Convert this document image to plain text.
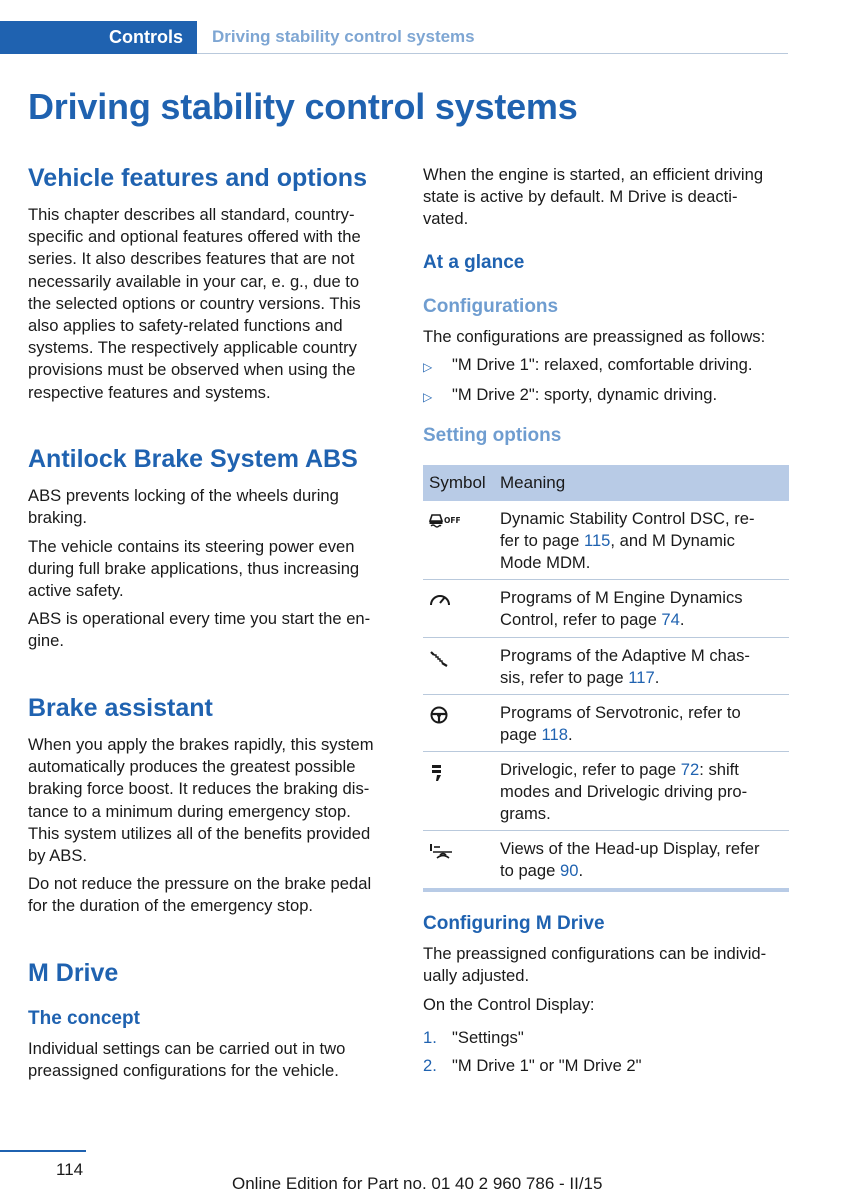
Controls Driving stability control systems
Driving stability control systems
Vehicle features and options
This chapter describes all standard, country-
specific and optional features offered with the
series. It also describes features that are not
necessarily available in your car, e. g., due to
the selected options or country versions. This
also applies to safety-related functions and
systems. The respectively applicable country
provisions must be observed when using the
respective features and systems.
Antilock Brake System ABS
ABS prevents locking of the wheels during
braking.
The vehicle contains its steering power even
during full brake applications, thus increasing
active safety.
ABS is operational every time you start the en-
gine.
Brake assistant
When you apply the brakes rapidly, this system
automatically produces the greatest possible
braking force boost. It reduces the braking dis-
tance to a minimum during emergency stop.
This system utilizes all of the benefits provided
by ABS.
Do not reduce the pressure on the brake pedal
for the duration of the emergency stop.
M Drive
The concept
Individual settings can be carried out in two
preassigned configurations for the vehicle.
When the engine is started, an efficient driving
state is active by default. M Drive is deacti-
vated.
At a glance
Configurations
The configurations are preassigned as follows:
▷	"M Drive 1": relaxed, comfortable driving.
▷	"M Drive 2": sporty, dynamic driving.
Setting options
Symbol Meaning
OFF Dynamic Stability Control DSC, re-
fer to page 115, and M Dynamic
Mode MDM.
Programs of M Engine Dynamics
Control, refer to page 74.
Programs of the Adaptive M chas-
sis, refer to page 117.
Programs of Servotronic, refer to
page 118.
Drivelogic, refer to page 72: shift
modes and Drivelogic driving pro-
grams.
Views of the Head-up Display, refer
to page 90.
Configuring M Drive
The preassigned configurations can be individ-
ually adjusted.
On the Control Display:
1. "Settings"
2. "M Drive 1" or "M Drive 2"
114
Online Edition for Part no. 01 40 2 960 786 - II/15
